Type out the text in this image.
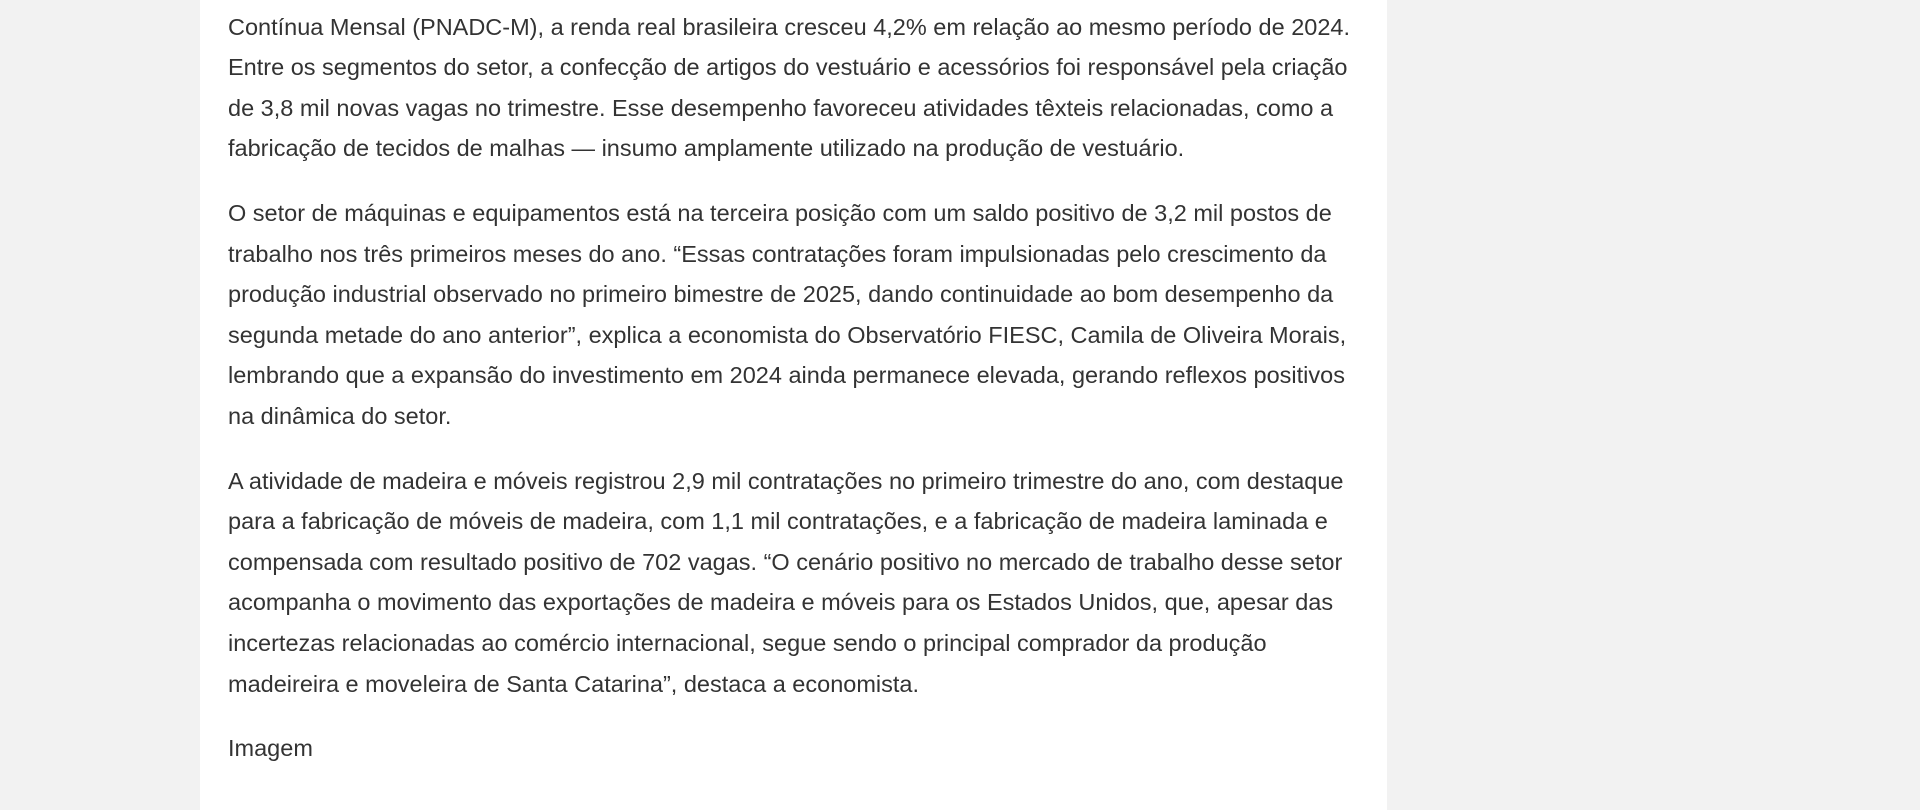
Contínua Mensal (PNADC-M), a renda real brasileira cresceu 4,2% em relação ao mesmo período de 2024. Entre os segmentos do setor, a confecção de artigos do vestuário e acessórios foi responsável pela criação de 3,8 mil novas vagas no trimestre. Esse desempenho favoreceu atividades têxteis relacionadas, como a fabricação de tecidos de malhas — insumo amplamente utilizado na produção de vestuário.

O setor de máquinas e equipamentos está na terceira posição com um saldo positivo de 3,2 mil postos de trabalho nos três primeiros meses do ano. “Essas contratações foram impulsionadas pelo crescimento da produção industrial observado no primeiro bimestre de 2025, dando continuidade ao bom desempenho da segunda metade do ano anterior”, explica a economista do Observatório FIESC, Camila de Oliveira Morais, lembrando que a expansão do investimento em 2024 ainda permanece elevada, gerando reflexos positivos na dinâmica do setor.

A atividade de madeira e móveis registrou 2,9 mil contratações no primeiro trimestre do ano, com destaque para a fabricação de móveis de madeira, com 1,1 mil contratações, e a fabricação de madeira laminada e compensada com resultado positivo de 702 vagas. “O cenário positivo no mercado de trabalho desse setor acompanha o movimento das exportações de madeira e móveis para os Estados Unidos, que, apesar das incertezas relacionadas ao comércio internacional, segue sendo o principal comprador da produção madeireira e moveleira de Santa Catarina”, destaca a economista.

Imagem
